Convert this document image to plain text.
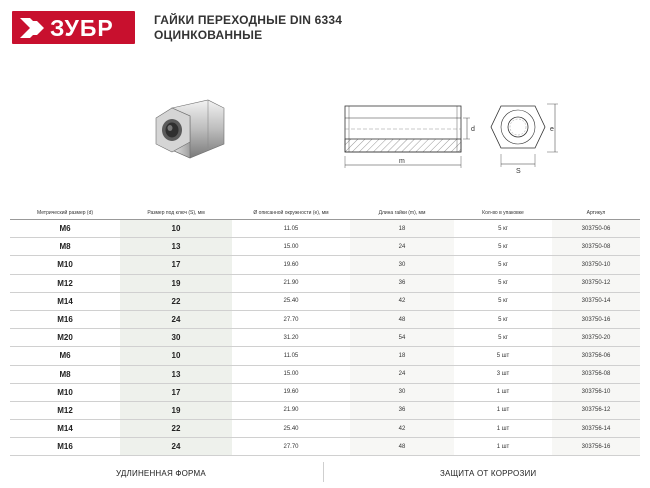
ЗУБР	ГАЙКИ ПЕРЕХОДНЫЕ DIN 6334
ОЦИНКОВАННЫЕ
d
m
e
S
Метрический размер (d)	Размер под ключ (S), мм	Ø описанной окружности (e), мм	Длина гайки (m), мм	Кол-во в упаковке	Артикул
М6	10	11.05	18	5 кг	303750-06
М8	13	15.00	24	5 кг	303750-08
М10	17	19.60	30	5 кг	303750-10
М12	19	21.90	36	5 кг	303750-12
М14	22	25.40	42	5 кг	303750-14
М16	24	27.70	48	5 кг	303750-16
М20	30	31.20	54	5 кг	303750-20
М6	10	11.05	18	5 шт	303756-06
М8	13	15.00	24	3 шт	303756-08
М10	17	19.60	30	1 шт	303756-10
М12	19	21.90	36	1 шт	303756-12
М14	22	25.40	42	1 шт	303756-14
М16	24	27.70	48	1 шт	303756-16
УДЛИНЕННАЯ ФОРМА	ЗАЩИТА ОТ КОРРОЗИИ
